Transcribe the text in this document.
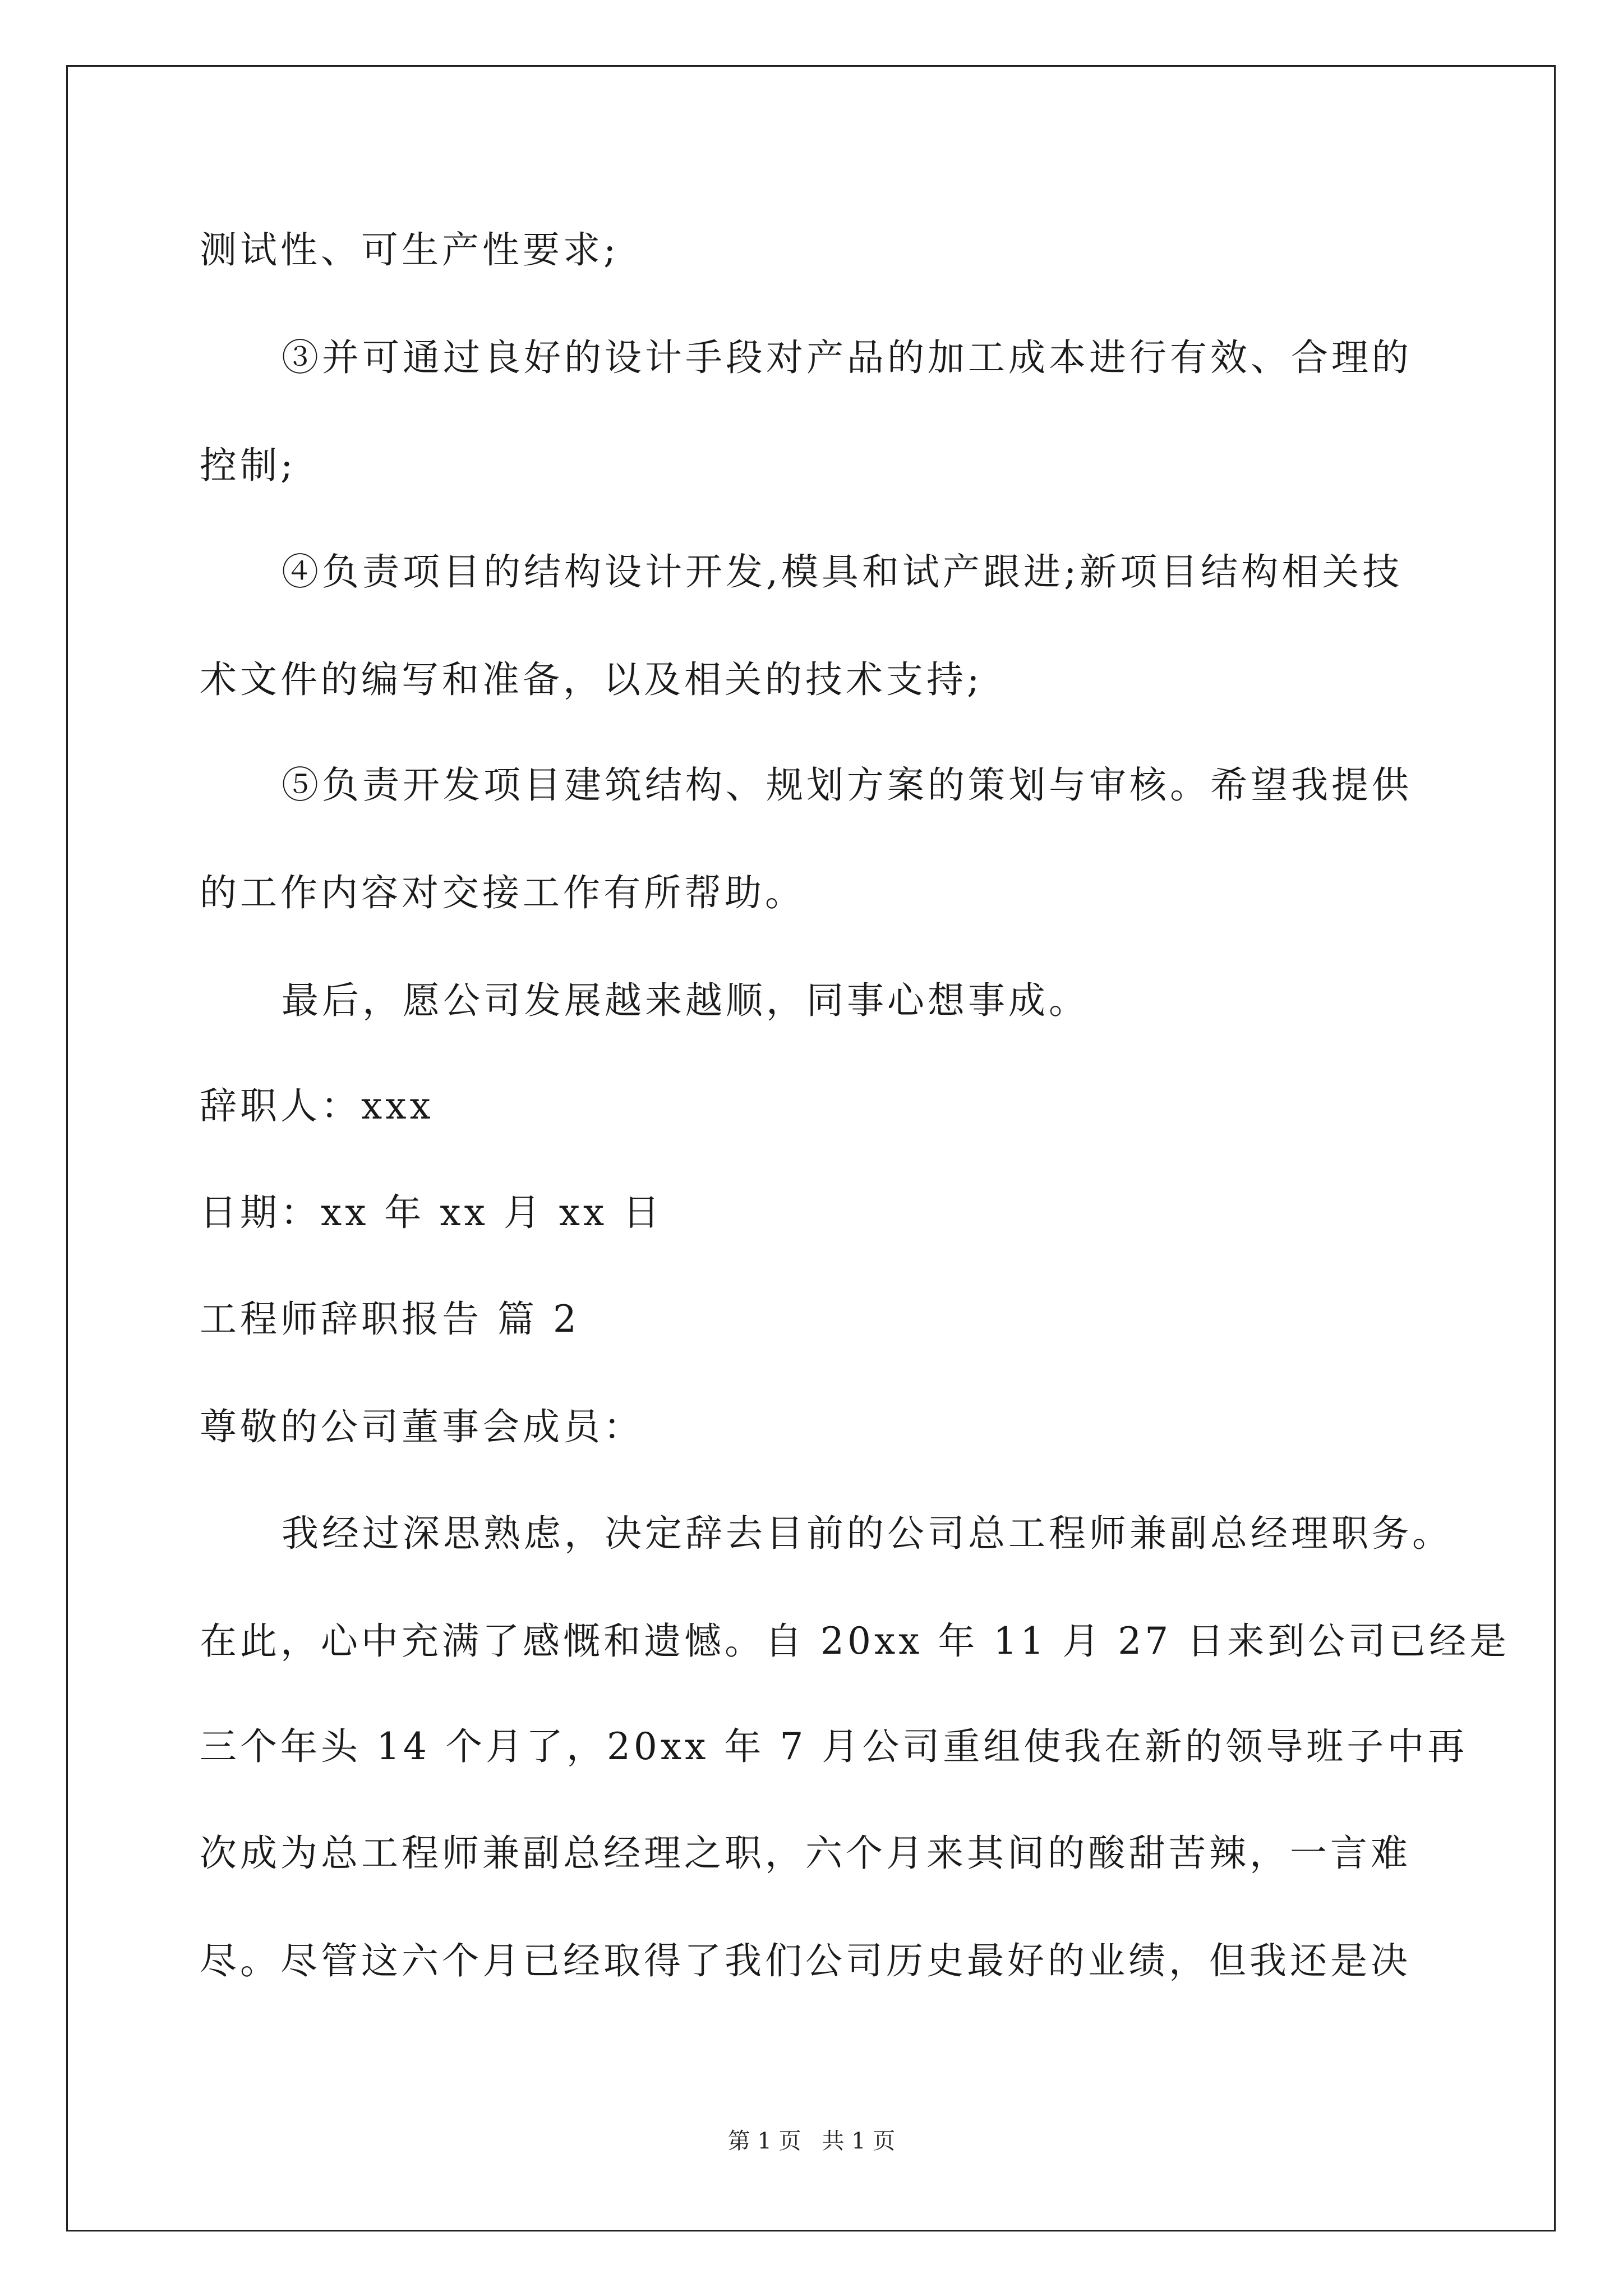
测试性、可生产性要求;
③并可通过良好的设计手段对产品的加工成本进行有效、合理的
控制;
④负责项目的结构设计开发,模具和试产跟进;新项目结构相关技
术文件的编写和准备，以及相关的技术支持;
⑤负责开发项目建筑结构、规划方案的策划与审核。希望我提供
的工作内容对交接工作有所帮助。
最后，愿公司发展越来越顺，同事心想事成。
辞职人：xxx
日期：xx 年 xx 月 xx 日
工程师辞职报告 篇 2
尊敬的公司董事会成员：
我经过深思熟虑，决定辞去目前的公司总工程师兼副总经理职务。
在此，心中充满了感慨和遗憾。自 20xx 年 11 月 27 日来到公司已经是
三个年头 14 个月了，20xx 年 7 月公司重组使我在新的领导班子中再
次成为总工程师兼副总经理之职，六个月来其间的酸甜苦辣，一言难
尽。尽管这六个月已经取得了我们公司历史最好的业绩，但我还是决
第 1 页 共 1 页
